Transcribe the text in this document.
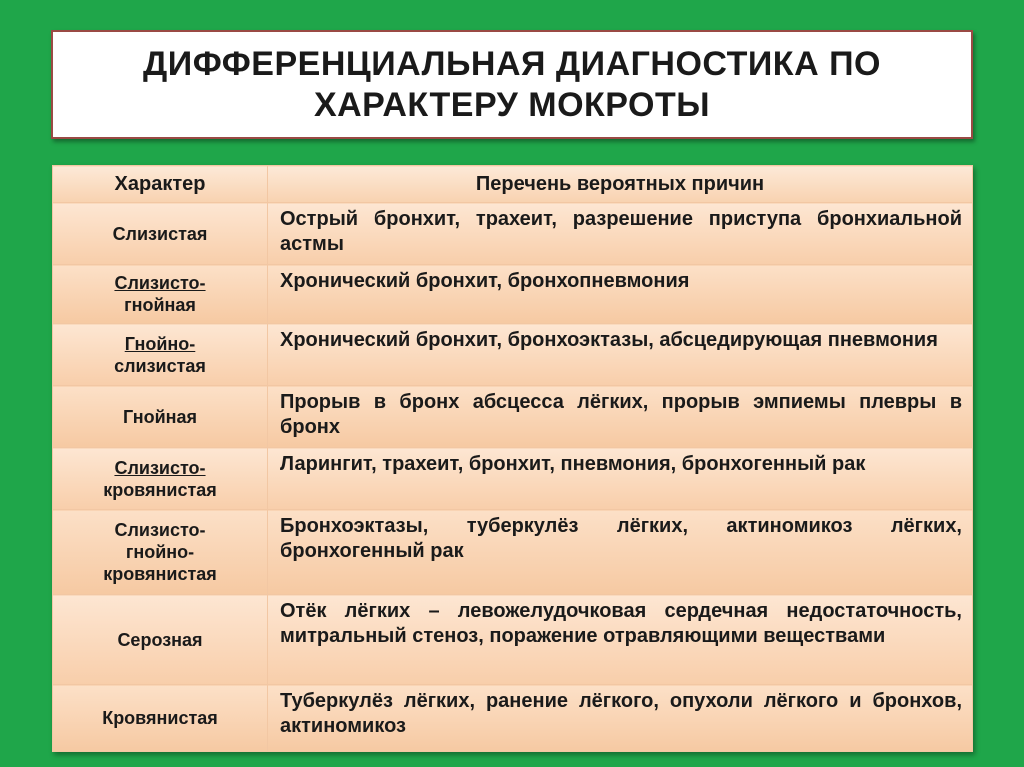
ДИФФЕРЕНЦИАЛЬНАЯ ДИАГНОСТИКА ПО
ХАРАКТЕРУ МОКРОТЫ
Характер	Перечень вероятных причин
Слизистая	Острый бронхит, трахеит, разрешение приступа бронхиальной астмы
Слизисто-
гнойная	Хронический бронхит, бронхопневмония
Гнойно-
слизистая	Хронический бронхит, бронхоэктазы, абсцедирующая пневмония
Гнойная	Прорыв в бронх абсцесса лёгких, прорыв эмпиемы плевры в бронх
Слизисто-
кровянистая	Ларингит, трахеит, бронхит, пневмония, бронхогенный рак
Слизисто-
гнойно-
кровянистая	Бронхоэктазы, туберкулёз лёгких, актиномикоз лёгких, бронхогенный рак
Серозная	Отёк лёгких – левожелудочковая сердечная недостаточность, митральный стеноз, поражение отравляющими веществами
Кровянистая	Туберкулёз лёгких, ранение лёгкого, опухоли лёгкого и бронхов, актиномикоз
